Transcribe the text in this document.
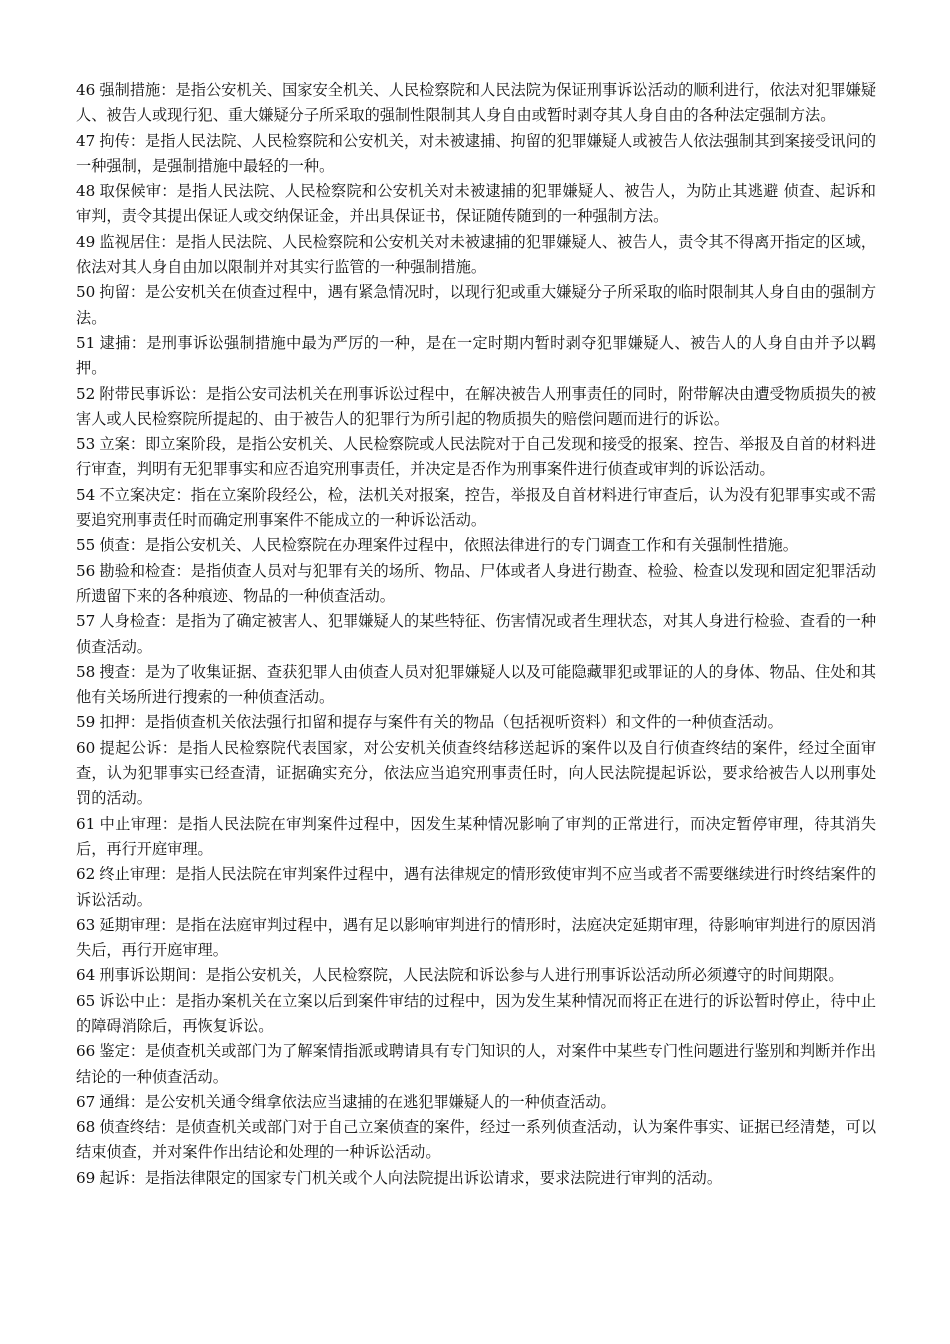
46 强制措施：是指公安机关、国家安全机关、人民检察院和人民法院为保证刑事诉讼活动的顺利进行，依法对犯罪嫌疑人、被告人或现行犯、重大嫌疑分子所采取的强制性限制其人身自由或暂时剥夺其人身自由的各种法定强制方法。

47 拘传：是指人民法院、人民检察院和公安机关，对未被逮捕、拘留的犯罪嫌疑人或被告人依法强制其到案接受讯问的一种强制，是强制措施中最轻的一种。

48 取保候审：是指人民法院、人民检察院和公安机关对未被逮捕的犯罪嫌疑人、被告人，为防止其逃避 侦查、起诉和审判，责令其提出保证人或交纳保证金，并出具保证书，保证随传随到的一种强制方法。

49 监视居住：是指人民法院、人民检察院和公安机关对未被逮捕的犯罪嫌疑人、被告人，责令其不得离开指定的区域，依法对其人身自由加以限制并对其实行监管的一种强制措施。

50 拘留：是公安机关在侦查过程中，遇有紧急情况时，以现行犯或重大嫌疑分子所采取的临时限制其人身自由的强制方法。

51 逮捕：是刑事诉讼强制措施中最为严厉的一种，是在一定时期内暂时剥夺犯罪嫌疑人、被告人的人身自由并予以羁押。

52 附带民事诉讼：是指公安司法机关在刑事诉讼过程中，在解决被告人刑事责任的同时，附带解决由遭受物质损失的被害人或人民检察院所提起的、由于被告人的犯罪行为所引起的物质损失的赔偿问题而进行的诉讼。

53 立案：即立案阶段，是指公安机关、人民检察院或人民法院对于自己发现和接受的报案、控告、举报及自首的材料进行审查，判明有无犯罪事实和应否追究刑事责任，并决定是否作为刑事案件进行侦查或审判的诉讼活动。

54 不立案决定：指在立案阶段经公，检，法机关对报案，控告，举报及自首材料进行审查后，认为没有犯罪事实或不需要追究刑事责任时而确定刑事案件不能成立的一种诉讼活动。

55 侦查：是指公安机关、人民检察院在办理案件过程中，依照法律进行的专门调查工作和有关强制性措施。

56 勘验和检查：是指侦查人员对与犯罪有关的场所、物品、尸体或者人身进行勘查、检验、检查以发现和固定犯罪活动所遗留下来的各种痕迹、物品的一种侦查活动。

57 人身检查：是指为了确定被害人、犯罪嫌疑人的某些特征、伤害情况或者生理状态，对其人身进行检验、查看的一种侦查活动。

58 搜查：是为了收集证据、查获犯罪人由侦查人员对犯罪嫌疑人以及可能隐藏罪犯或罪证的人的身体、物品、住处和其他有关场所进行搜索的一种侦查活动。

59 扣押：是指侦查机关依法强行扣留和提存与案件有关的物品（包括视听资料）和文件的一种侦查活动。

60 提起公诉：是指人民检察院代表国家，对公安机关侦查终结移送起诉的案件以及自行侦查终结的案件，经过全面审查，认为犯罪事实已经查清，证据确实充分，依法应当追究刑事责任时，向人民法院提起诉讼，要求给被告人以刑事处罚的活动。

61 中止审理：是指人民法院在审判案件过程中，因发生某种情况影响了审判的正常进行，而决定暂停审理，待其消失后，再行开庭审理。

62 终止审理：是指人民法院在审判案件过程中，遇有法律规定的情形致使审判不应当或者不需要继续进行时终结案件的诉讼活动。

63 延期审理：是指在法庭审判过程中，遇有足以影响审判进行的情形时，法庭决定延期审理，待影响审判进行的原因消失后，再行开庭审理。

64 刑事诉讼期间：是指公安机关，人民检察院，人民法院和诉讼参与人进行刑事诉讼活动所必须遵守的时间期限。

65 诉讼中止：是指办案机关在立案以后到案件审结的过程中，因为发生某种情况而将正在进行的诉讼暂时停止，待中止的障碍消除后，再恢复诉讼。

66 鉴定：是侦查机关或部门为了解案情指派或聘请具有专门知识的人，对案件中某些专门性问题进行鉴别和判断并作出结论的一种侦查活动。

67 通缉：是公安机关通令缉拿依法应当逮捕的在逃犯罪嫌疑人的一种侦查活动。

68 侦查终结：是侦查机关或部门对于自己立案侦查的案件，经过一系列侦查活动，认为案件事实、证据已经清楚，可以结束侦查，并对案件作出结论和处理的一种诉讼活动。

69 起诉：是指法律限定的国家专门机关或个人向法院提出诉讼请求，要求法院进行审判的活动。
